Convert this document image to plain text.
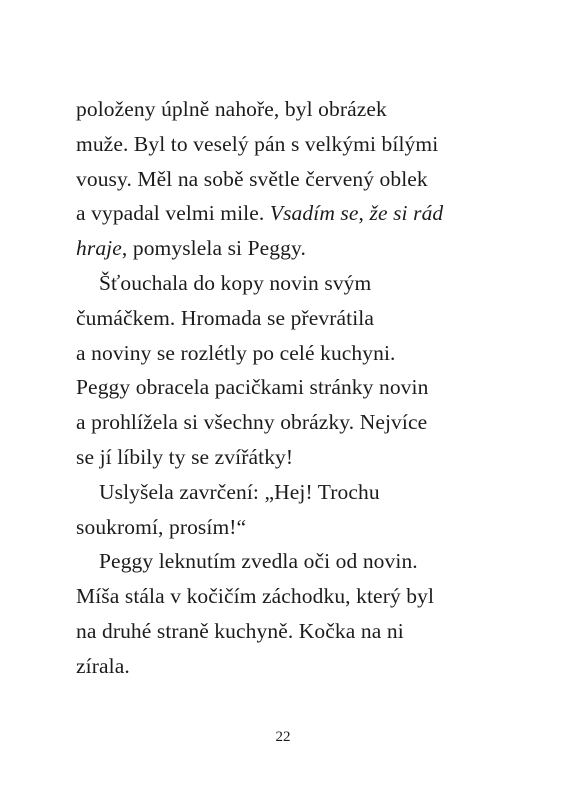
položeny úplně nahoře, byl obrázek
muže. Byl to veselý pán s velkými bílými
vousy. Měl na sobě světle červený oblek
a vypadal velmi mile. Vsadím se, že si rád
hraje, pomyslela si Peggy.
Šťouchala do kopy novin svým
čumáčkem. Hromada se převrátila
a noviny se rozlétly po celé kuchyni.
Peggy obracela pacičkami stránky novin
a prohlížela si všechny obrázky. Nejvíce
se jí líbily ty se zvířátky!
Uslyšela zavrčení: „Hej! Trochu
soukromí, prosím!“
Peggy leknutím zvedla oči od novin.
Míša stála v kočičím záchodku, který byl
na druhé straně kuchyně. Kočka na ni
zírala.
22
